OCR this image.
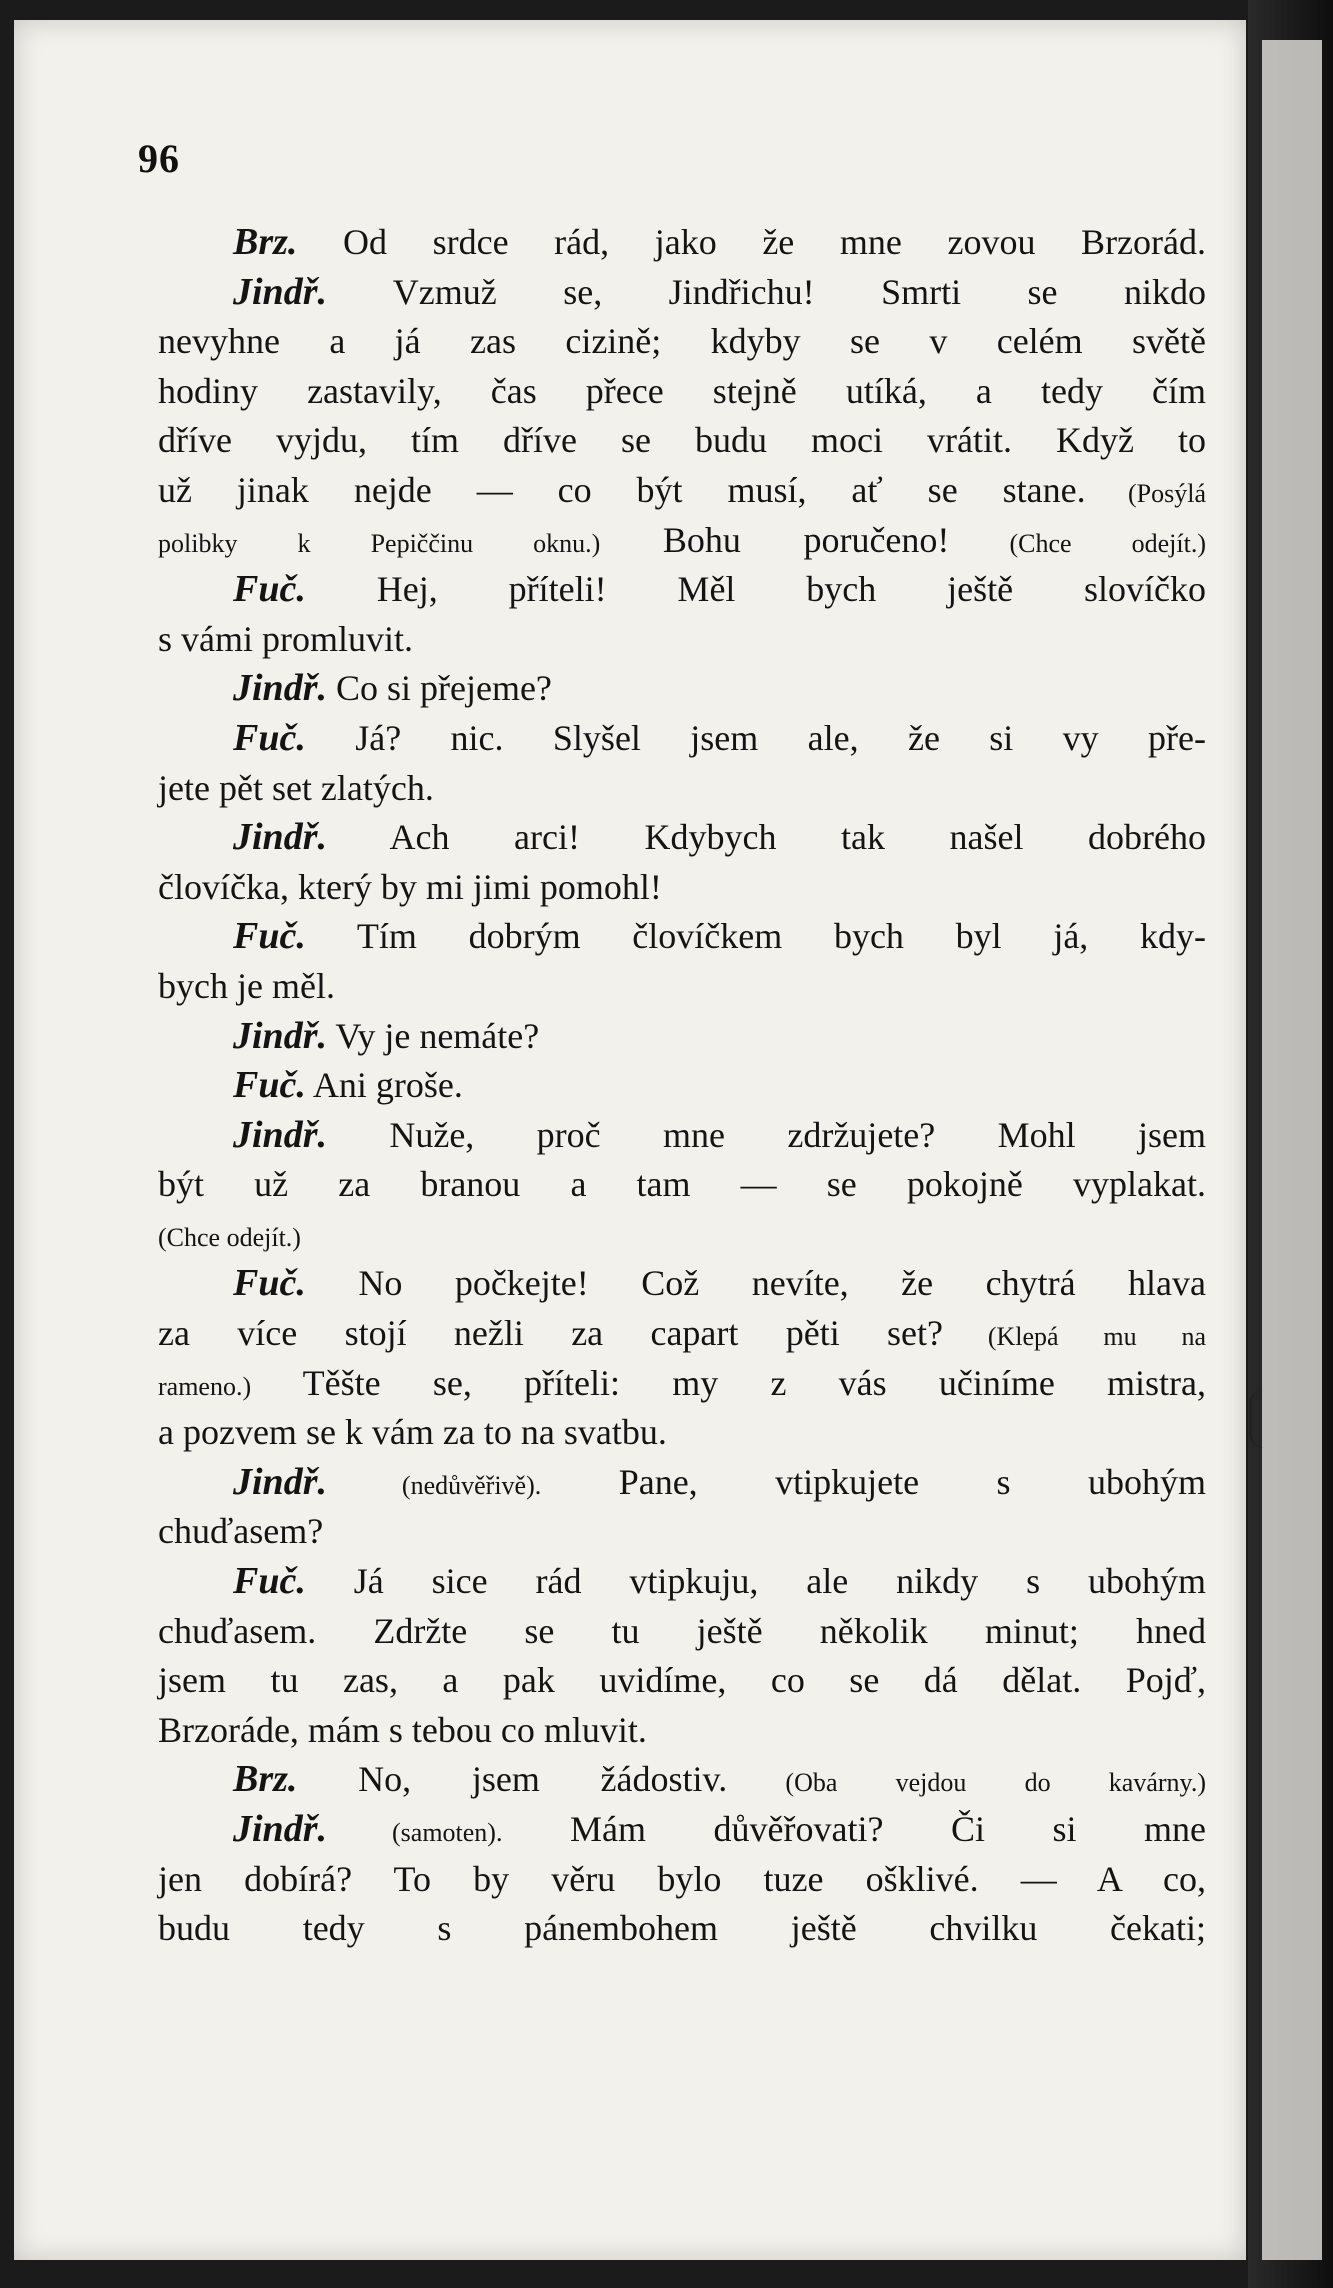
96
Brz. Od srdce rád, jako že mne zovou Brzorád.
Jindř. Vzmuž se, Jindřichu! Smrti se nikdo
nevyhne a já zas cizině; kdyby se v celém světě
hodiny zastavily, čas přece stejně utíká, a tedy čím
dříve vyjdu, tím dříve se budu moci vrátit. Když to
už jinak nejde — co být musí, ať se stane. (Posýlá
polibky k Pepiččinu oknu.) Bohu poručeno! (Chce odejít.)
Fuč. Hej, příteli! Měl bych ještě slovíčko
s vámi promluvit.
Jindř. Co si přejeme?
Fuč. Já? nic. Slyšel jsem ale, že si vy pře-
jete pět set zlatých.
Jindř. Ach arci! Kdybych tak našel dobrého
človíčka, který by mi jimi pomohl!
Fuč. Tím dobrým človíčkem bych byl já, kdy-
bych je měl.
Jindř. Vy je nemáte?
Fuč. Ani groše.
Jindř. Nuže, proč mne zdržujete? Mohl jsem
být už za branou a tam — se pokojně vyplakat.
(Chce odejít.)
Fuč. No počkejte! Což nevíte, že chytrá hlava
za více stojí nežli za capart pěti set? (Klepá mu na
rameno.) Těšte se, příteli: my z vás učiníme mistra,
a pozvem se k vám za to na svatbu.
Jindř. (nedůvěřivě). Pane, vtipkujete s ubohým
chuďasem?
Fuč. Já sice rád vtipkuju, ale nikdy s ubohým
chuďasem. Zdržte se tu ještě několik minut; hned
jsem tu zas, a pak uvidíme, co se dá dělat. Pojď,
Brzoráde, mám s tebou co mluvit.
Brz. No, jsem žádostiv. (Oba vejdou do kavárny.)
Jindř. (samoten). Mám důvěřovati? Či si mne
jen dobírá? To by věru bylo tuze ošklivé. — A co,
budu tedy s pánembohem ještě chvilku čekati;
